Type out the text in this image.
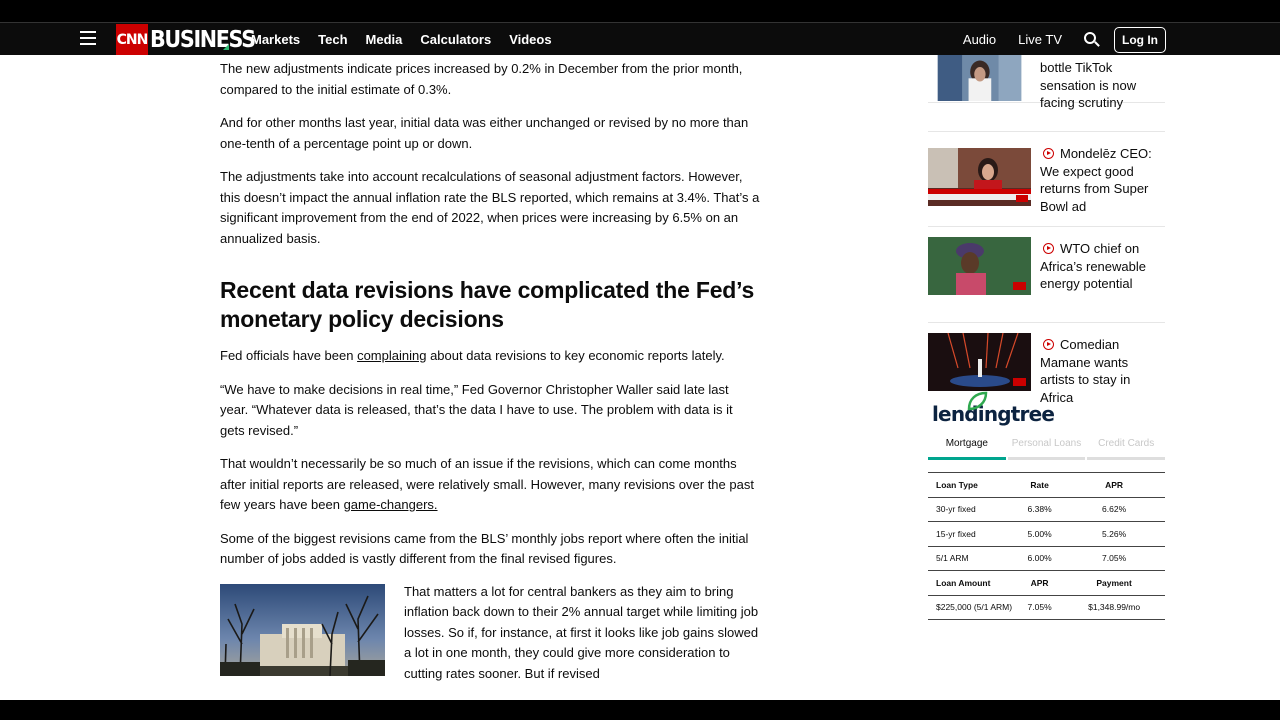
CNN BUSINESS
Markets Tech Media Calculators Videos	Audio Live TV	Log In

The new adjustments indicate prices increased by 0.2% in December from the prior month, compared to the initial estimate of 0.3%.

And for other months last year, initial data was either unchanged or revised by no more than one-tenth of a percentage point up or down.

The adjustments take into account recalculations of seasonal adjustment factors. However, this doesn’t impact the annual inflation rate the BLS reported, which remains at 3.4%. That’s a significant improvement from the end of 2022, when prices were increasing by 6.5% on an annualized basis.

Recent data revisions have complicated the Fed’s monetary policy decisions

Fed officials have been complaining about data revisions to key economic reports lately.

“We have to make decisions in real time,” Fed Governor Christopher Waller said late last year. “Whatever data is released, that’s the data I have to use. The problem with data is it gets revised.”

That wouldn’t necessarily be so much of an issue if the revisions, which can come months after initial reports are released, were relatively small. However, many revisions over the past few years have been game-changers.

Some of the biggest revisions came from the BLS’ monthly jobs report where often the initial number of jobs added is vastly different from the final revised figures.

That matters a lot for central bankers as they aim to bring inflation back down to their 2% annual target while limiting job losses. So if, for instance, at first it looks like job gains slowed a lot in one month, they could give more consideration to cutting rates sooner. But if revised
bottle TikTok sensation is now facing scrutiny
Mondelēz CEO: We expect good returns from Super Bowl ad
WTO chief on Africa’s renewable energy potential
Comedian Mamane wants artists to stay in Africa
lendingtree
Mortgage	Personal Loans	Credit Cards
Loan Type	Rate	APR
30-yr fixed	6.38%	6.62%
15-yr fixed	5.00%	5.26%
5/1 ARM	6.00%	7.05%
Loan Amount	APR	Payment
$225,000 (5/1 ARM)	7.05%	$1,348.99/mo
